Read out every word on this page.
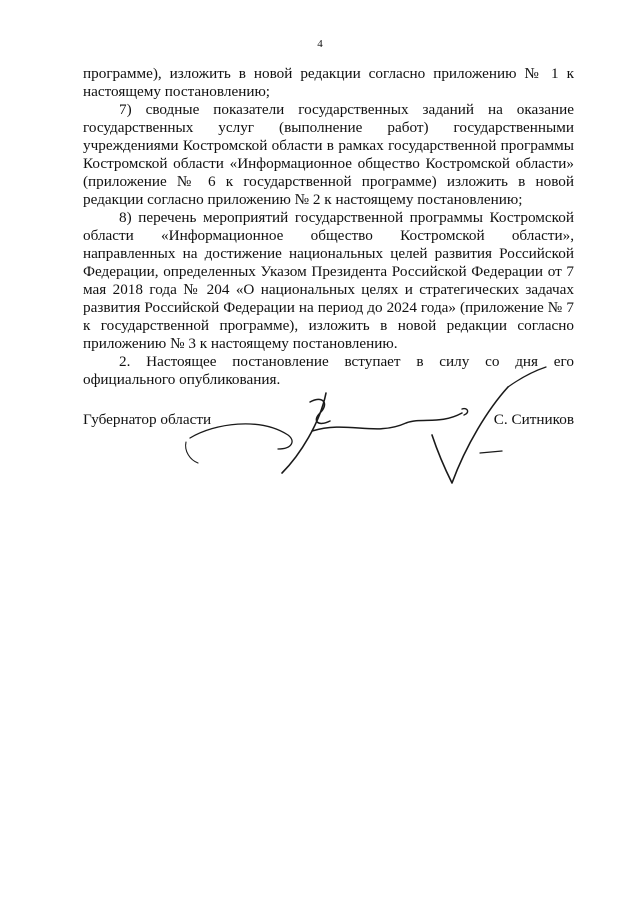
4

программе), изложить в новой редакции согласно приложению № 1 к настоящему постановлению;

7) сводные показатели государственных заданий на оказание государственных услуг (выполнение работ) государственными учреждениями Костромской области в рамках государственной программы Костромской области «Информационное общество Костромской области» (приложение № 6 к государственной программе) изложить в новой редакции согласно приложению № 2 к настоящему постановлению;

8) перечень мероприятий государственной программы Костромской области «Информационное общество Костромской области», направленных на достижение национальных целей развития Российской Федерации, определенных Указом Президента Российской Федерации от 7 мая 2018 года № 204 «О национальных целях и стратегических задачах развития Российской Федерации на период до 2024 года» (приложение № 7 к государственной программе), изложить в новой редакции согласно приложению № 3 к настоящему постановлению.

2. Настоящее постановление вступает в силу со дня его официального опубликования.

Губернатор области	С. Ситников
